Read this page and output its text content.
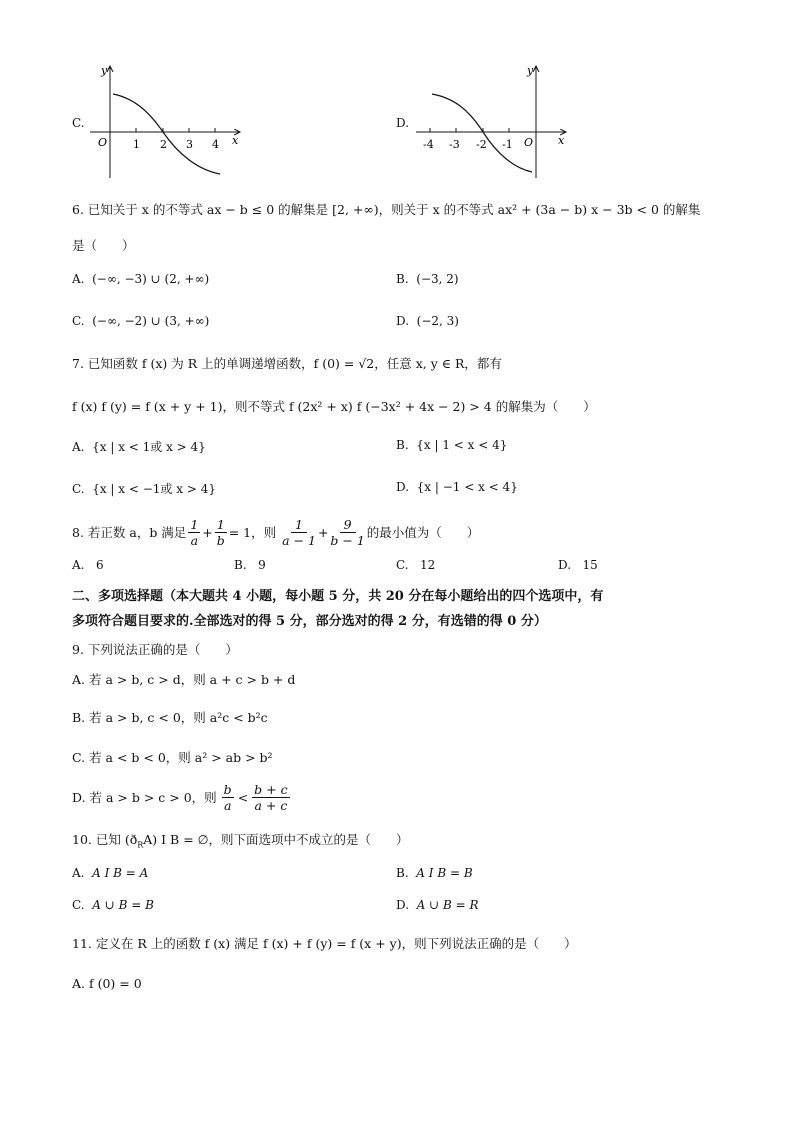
C.
y
x
O 1 2 3 4
D.
y
x
O
-4 -3 -2 -1
6. 已知关于 x 的不等式 ax − b ≤ 0 的解集是 [2, +∞)，则关于 x 的不等式 ax² + (3a − b) x − 3b < 0 的解集
是（　　）
A. (−∞, −3) ∪ (2, +∞)	B. (−3, 2)
C. (−∞, −2) ∪ (3, +∞)	D. (−2, 3)
7. 已知函数 f (x) 为 R 上的单调递增函数，f (0) = √2，任意 x, y ∈ R，都有
f (x) f (y) = f (x + y + 1)，则不等式 f (2x² + x) f (−3x² + 4x − 2) > 4 的解集为（　　）
A. {x | x < 1或 x > 4}	B. {x | 1 < x < 4}
C. {x | x < −1或 x > 4}	D. {x | −1 < x < 4}
8. 若正数 a，b 满足
1
a
+ $\frac{1}{b} = 1$，则
1
a − 1
+ $\frac{9}{b - 1}$ 的最小值为（　　）
A. 6	B. 9	C. 12	D. 15
二、多项选择题（本大题共 4 小题，每小题 5 分，共 20 分在每小题给出的四个选项中，有
多项符合题目要求的.全部选对的得 5 分，部分选对的得 2 分，有选错的得 0 分）
9. 下列说法正确的是（　　）
A. 若 a > b, c > d，则 a + c > b + d
B. 若 a > b, c < 0，则 a²c < b²c
C. 若 a < b < 0，则 a² > ab > b²
D. 若 a > b > c > 0，则
b
a
<
b + c
a + c
10. 已知 $(ð_RA)$ I B = ∅，则下面选项中不成立的是（　　）
A. A I B = A	B. A I B = B
C. A ∪ B = B	D. A ∪ B = R
11. 定义在 R 上的函数 f (x) 满足 f (x) + f (y) = f (x + y)，则下列说法正确的是（　　）
A. f (0) = 0
